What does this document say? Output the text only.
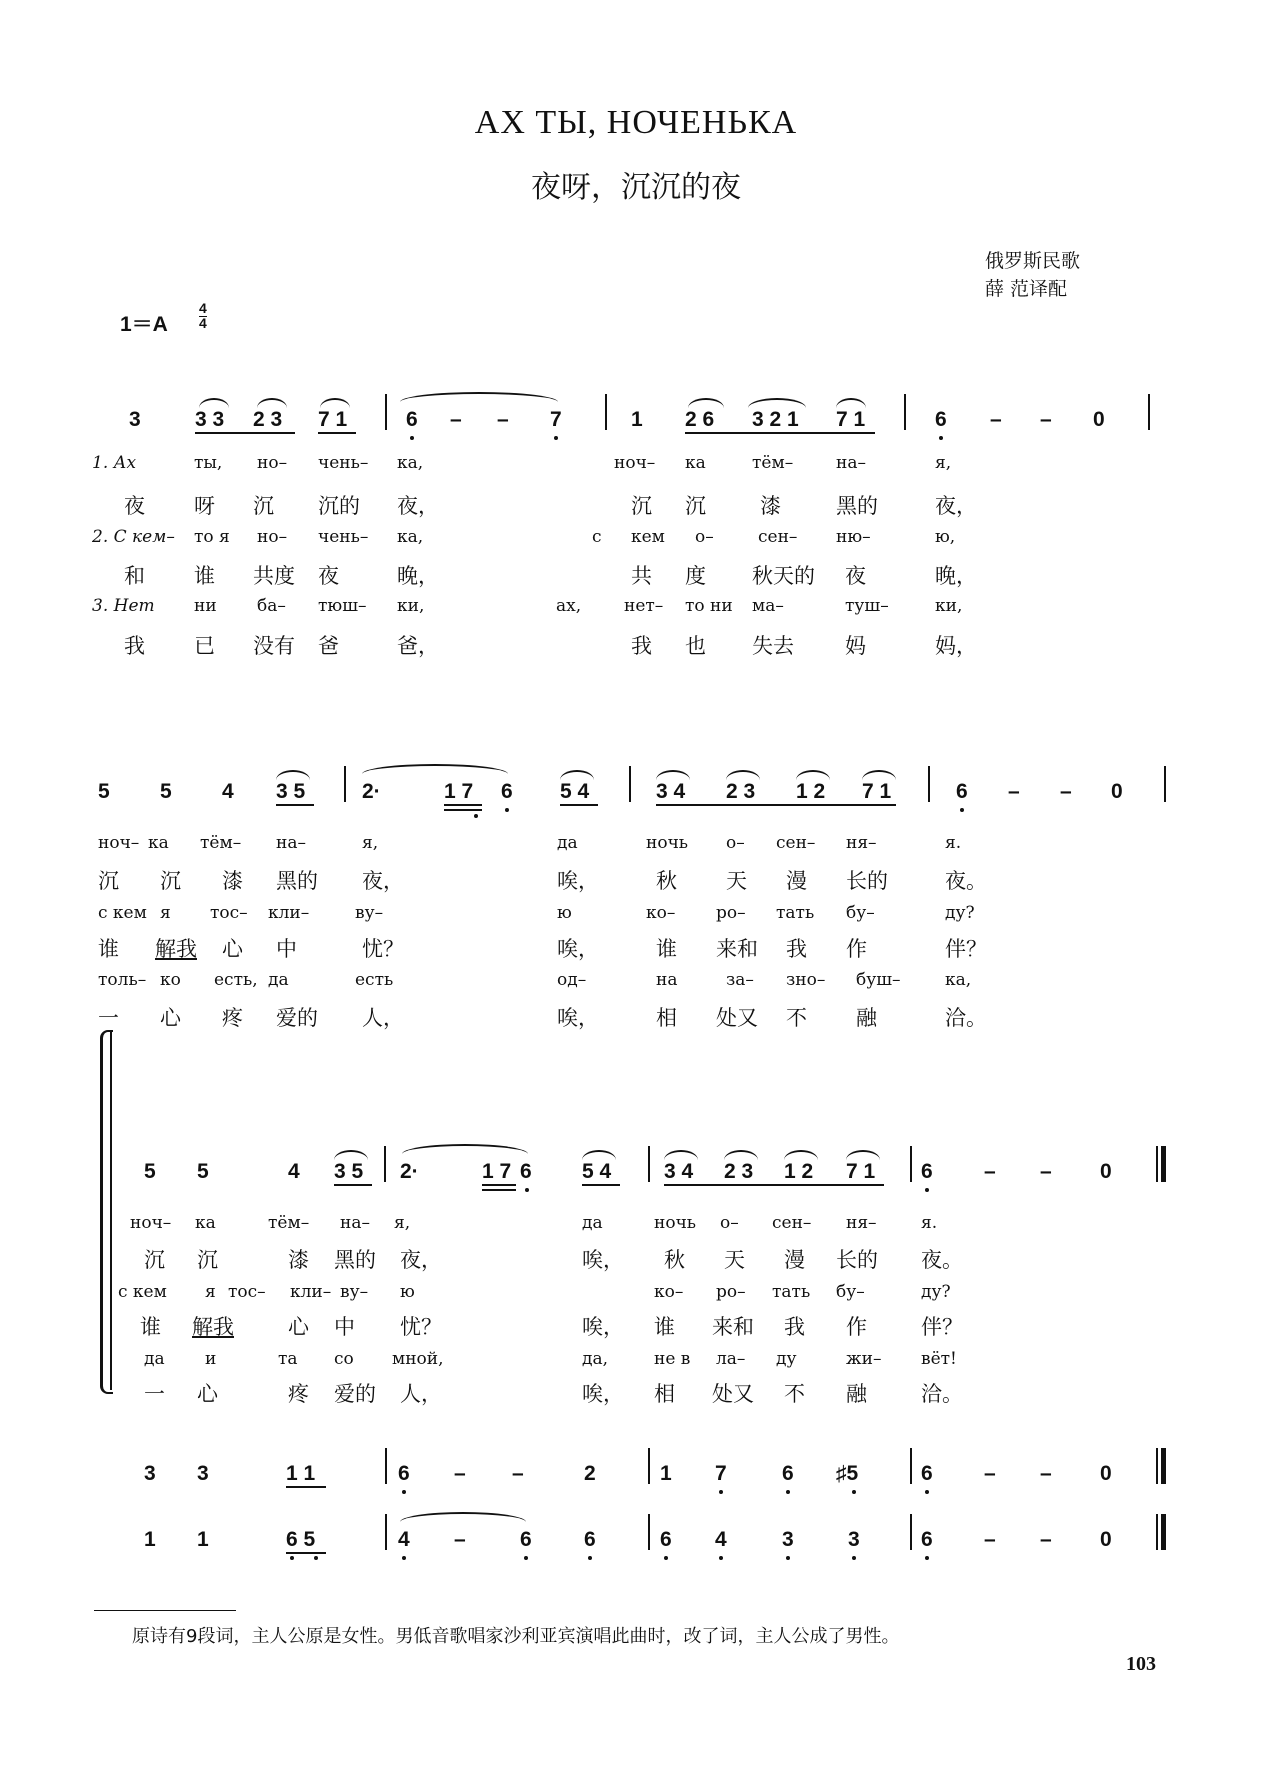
АХ ТЫ, НОЧЕНЬКА
夜呀，沉沉的夜
俄罗斯民歌
薛 范译配
1＝A
4
4
3	3 3 2 3 7 1	6 – – 7	1 2 6 3 2 1 7 1	6 – – 0
1. Ах	ты, но– чень– ка,	ноч– ка	тём–	на–	я,
夜 呀 沉 沉的 夜，	沉 沉	漆	黑的	夜，
2. С кем– то я но– чень– ка,	с кем о–	сен– ню–	ю,
和 谁 共度 夜	晚，	共 度 秋天的 夜	晚，
3. Нет ни ба– тюш– ки,	ах,	нет– то ни ма–	туш–	ки,
我 已 没有 爸	爸，	我 也 失去 妈	妈，
5 5 4 3 5	2·	1 7 6 5 4	3 4 2 3 1 2 7 1	6 – – 0
ноч– ка тём– на–	я,	да	ночь о– сен– ня–	я.
沉 沉 漆 黑的 夜，	唉，	秋 天 漫 长的	夜。
с кем я тос– кли–	ву–	ю	ко– ро– тать бу–	ду?
谁 解我 心 中	忧？	唉，	谁 来和 我 作	伴？
толь– ко есть, да	есть	од–	на	за– зно– буш–	ка,
一 心 疼 爱的 人，	唉，	相 处又 不 融	洽。
5 5	4 3 5 2·	1 7 6 5 4	3 4 2 3 1 2 7 1 6 – – 0
ноч– ка	тём– на– я,	да	ночь о– сен– ня–	я.
沉 沉	漆 黑的 夜，	唉， 秋 天 漫 长的 夜。
с кем я тос– кли– ву– ю	ко– ро– тать бу–	ду?
谁 解我	心 中 忧？	唉， 谁 来和 我 作	伴？
да и	та со мной,	да,	не в ла– ду	жи– вёт!
一 心	疼 爱的 人，	唉， 相 处又 不 融	洽。
3 3	1 1	6 – –	2	1 7	6 ♯5	6 – – 0
1 1	6 5	4 –	6 6	6 4	3	3	6 – – 0
原诗有9段词，主人公原是女性。男低音歌唱家沙利亚宾演唱此曲时，改了词，主人公成了男性。
103
